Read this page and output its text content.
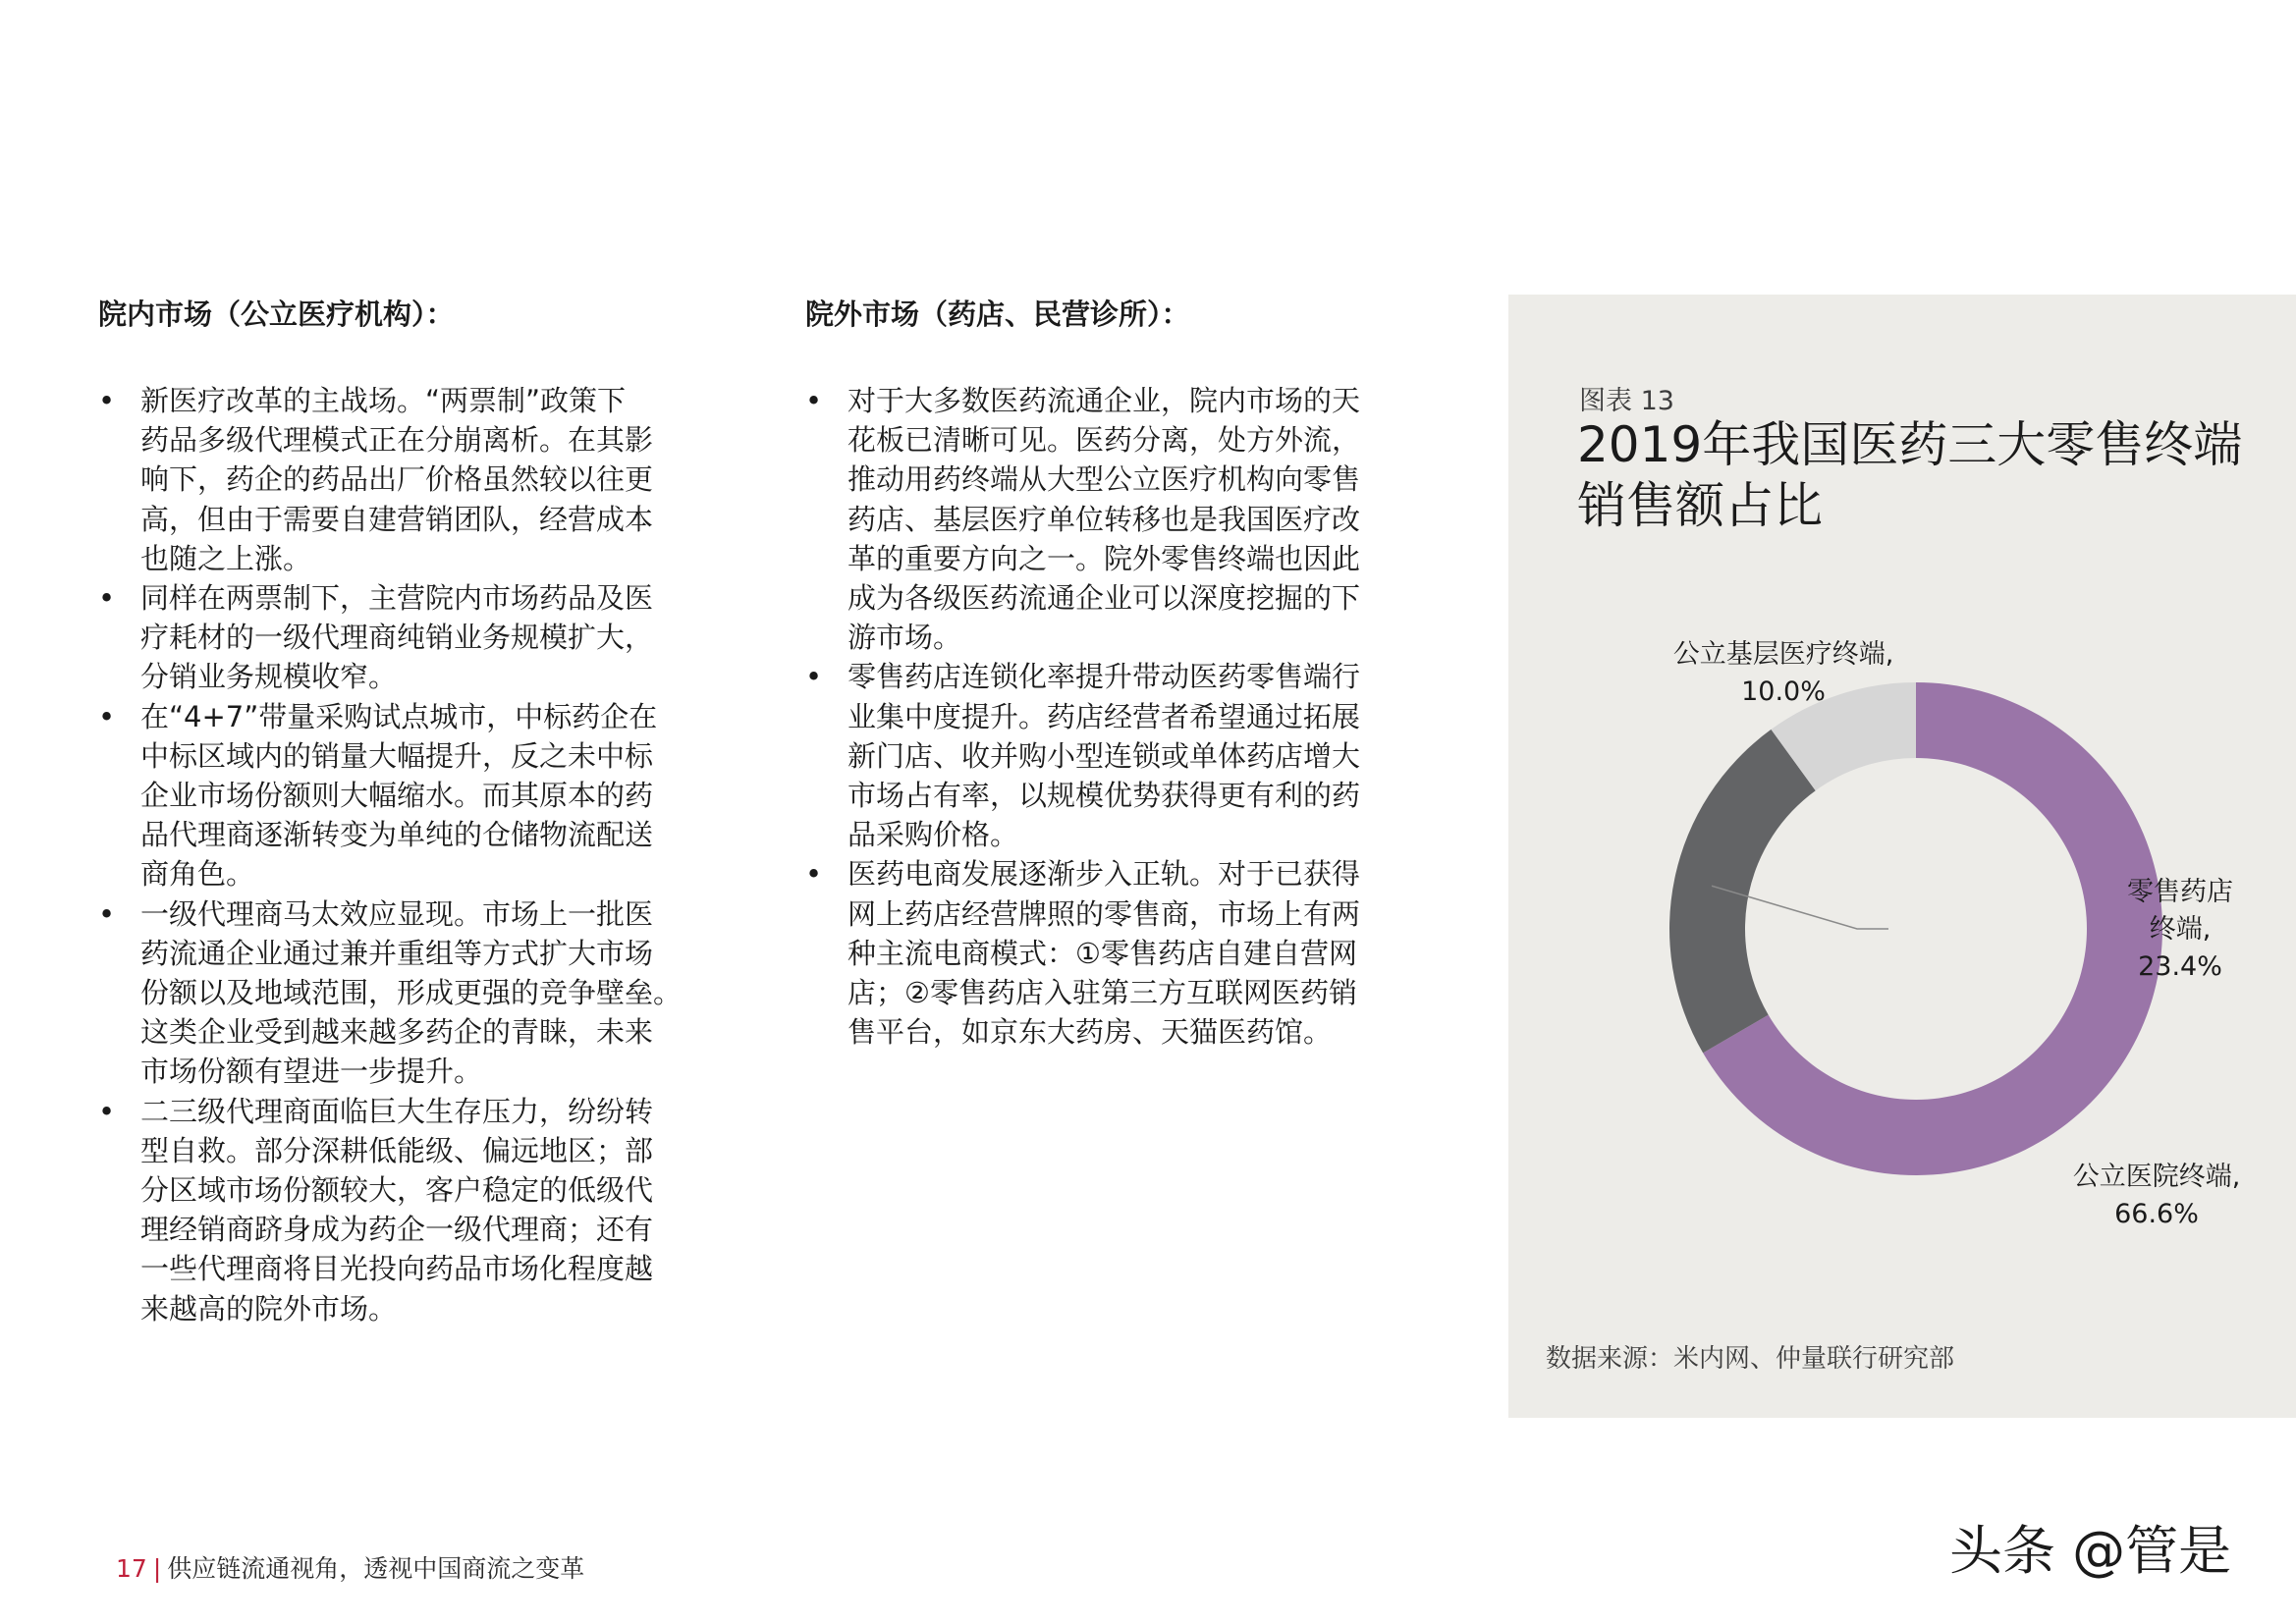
院内市场（公立医疗机构）：
• 新医疗改革的主战场。“两票制”政策下
药品多级代理模式正在分崩离析。在其影
响下，药企的药品出厂价格虽然较以往更
高，但由于需要自建营销团队，经营成本
也随之上涨。
• 同样在两票制下，主营院内市场药品及医
疗耗材的一级代理商纯销业务规模扩大，
分销业务规模收窄。
• 在“4+7”带量采购试点城市，中标药企在
中标区域内的销量大幅提升，反之未中标
企业市场份额则大幅缩水。而其原本的药
品代理商逐渐转变为单纯的仓储物流配送
商角色。
• 一级代理商马太效应显现。市场上一批医
药流通企业通过兼并重组等方式扩大市场
份额以及地域范围，形成更强的竞争壁垒。
这类企业受到越来越多药企的青睐，未来
市场份额有望进一步提升。
• 二三级代理商面临巨大生存压力，纷纷转
型自救。部分深耕低能级、偏远地区；部
分区域市场份额较大，客户稳定的低级代
理经销商跻身成为药企一级代理商；还有
一些代理商将目光投向药品市场化程度越
来越高的院外市场。
院外市场（药店、民营诊所）：
• 对于大多数医药流通企业，院内市场的天
花板已清晰可见。医药分离，处方外流，
推动用药终端从大型公立医疗机构向零售
药店、基层医疗单位转移也是我国医疗改
革的重要方向之一。院外零售终端也因此
成为各级医药流通企业可以深度挖掘的下
游市场。
• 零售药店连锁化率提升带动医药零售端行
业集中度提升。药店经营者希望通过拓展
新门店、收并购小型连锁或单体药店增大
市场占有率，以规模优势获得更有利的药
品采购价格。
• 医药电商发展逐渐步入正轨。对于已获得
网上药店经营牌照的零售商，市场上有两
种主流电商模式：①零售药店自建自营网
店；②零售药店入驻第三方互联网医药销
售平台，如京东大药房、天猫医药馆。
图表 13
2019年我国医药三大零售终端
销售额占比
公立基层医疗终端,
10.0%
零售药店
终端,
23.4%
公立医院终端,
66.6%
数据来源：米内网、仲量联行研究部
17 | 供应链流通视角，透视中国商流之变革	头条 @管是
